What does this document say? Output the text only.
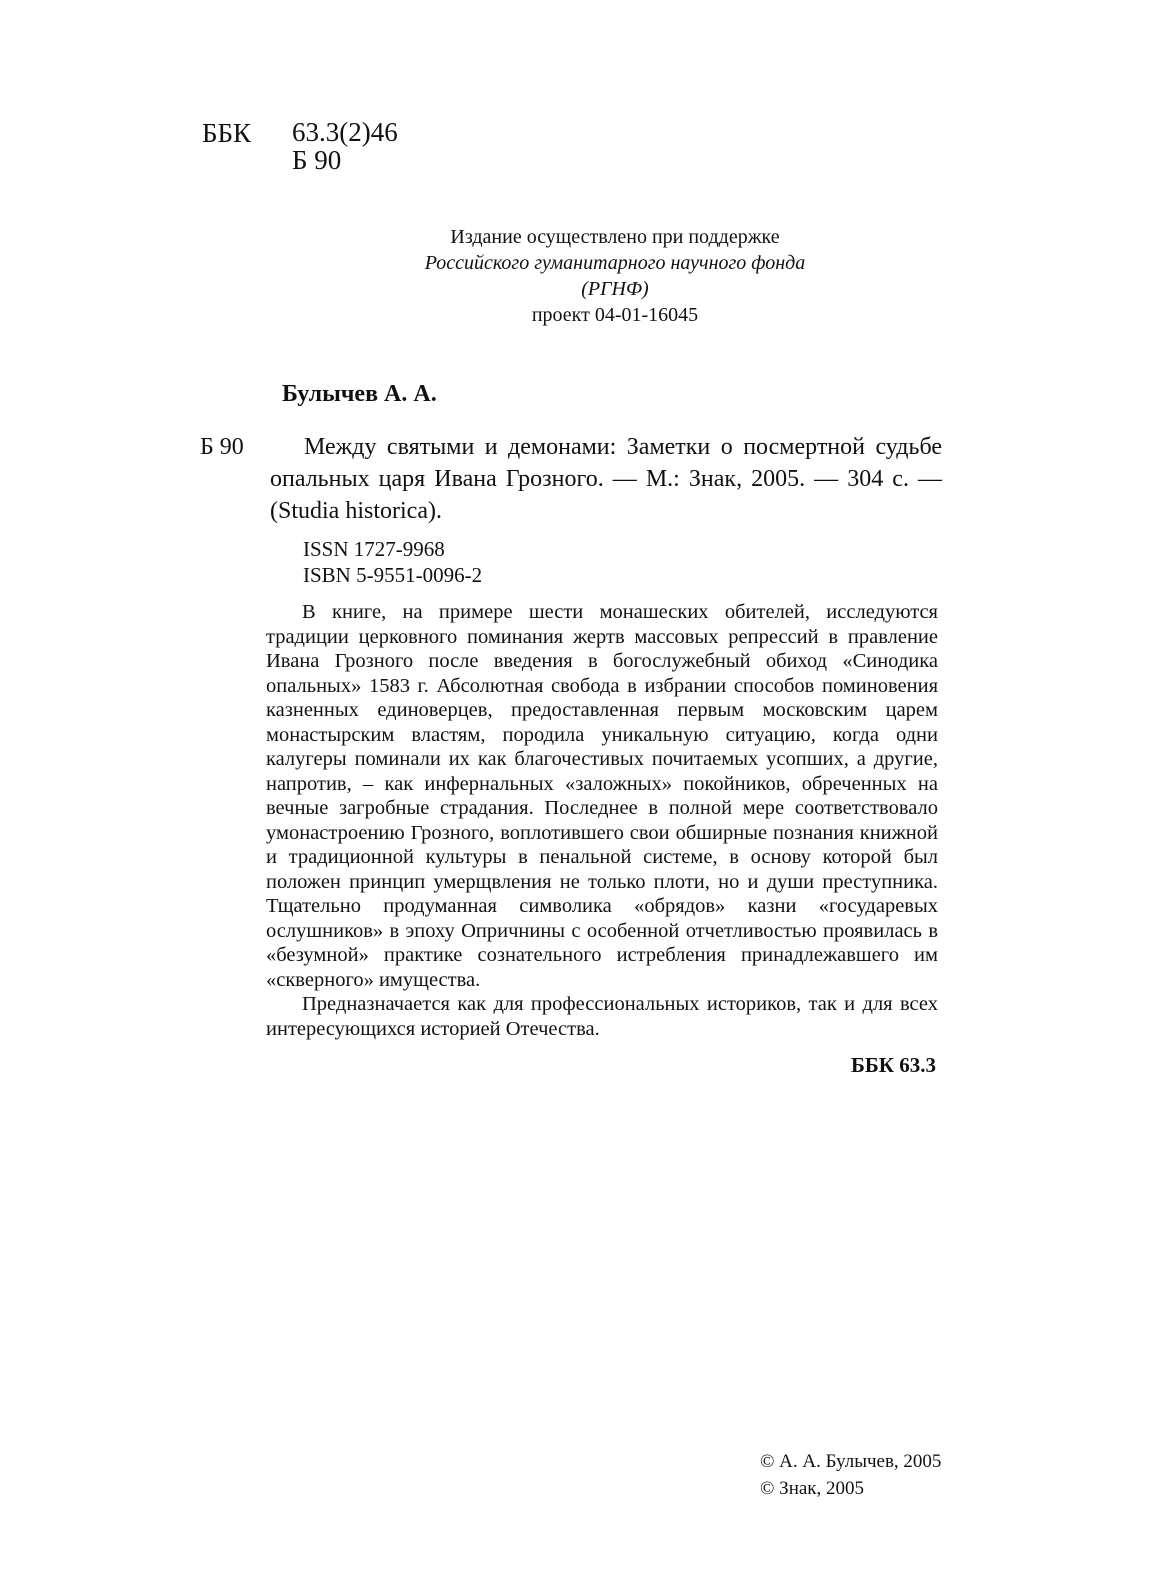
ББК 63.3(2)46
Б 90
Издание осуществлено при поддержке
Российского гуманитарного научного фонда
(РГНФ)
проект 04-01-16045
Булычев А. А.
Б 90	Между святыми и демонами: Заметки о посмертной судьбе опальных царя Ивана Грозного. — М.: Знак, 2005. — 304 с. — (Studia historica).
ISSN 1727-9968
ISBN 5-9551-0096-2

В книге, на примере шести монашеских обителей, исследуются традиции церковного поминания жертв массовых репрессий в правление Ивана Грозного после введения в богослужебный обиход «Синодика опальных» 1583 г. Абсолютная свобода в избрании способов поминовения казненных единоверцев, предоставленная первым московским царем монастырским властям, породила уникальную ситуацию, когда одни калугеры поминали их как благочестивых почитаемых усопших, а другие, напротив, – как инфернальных «заложных» покойников, обреченных на вечные загробные страдания. Последнее в полной мере соответствовало умонастроению Грозного, воплотившего свои обширные познания книжной и традиционной культуры в пенальной системе, в основу которой был положен принцип умерщвления не только плоти, но и души преступника. Тщательно продуманная символика «обрядов» казни «государевых ослушников» в эпоху Опричнины с особенной отчетливостью проявилась в «безумной» практике сознательного истребления принадлежавшего им «скверного» имущества.

Предназначается как для профессиональных историков, так и для всех интересующихся историей Отечества.

ББК 63.3
© А. А. Булычев, 2005
© Знак, 2005
